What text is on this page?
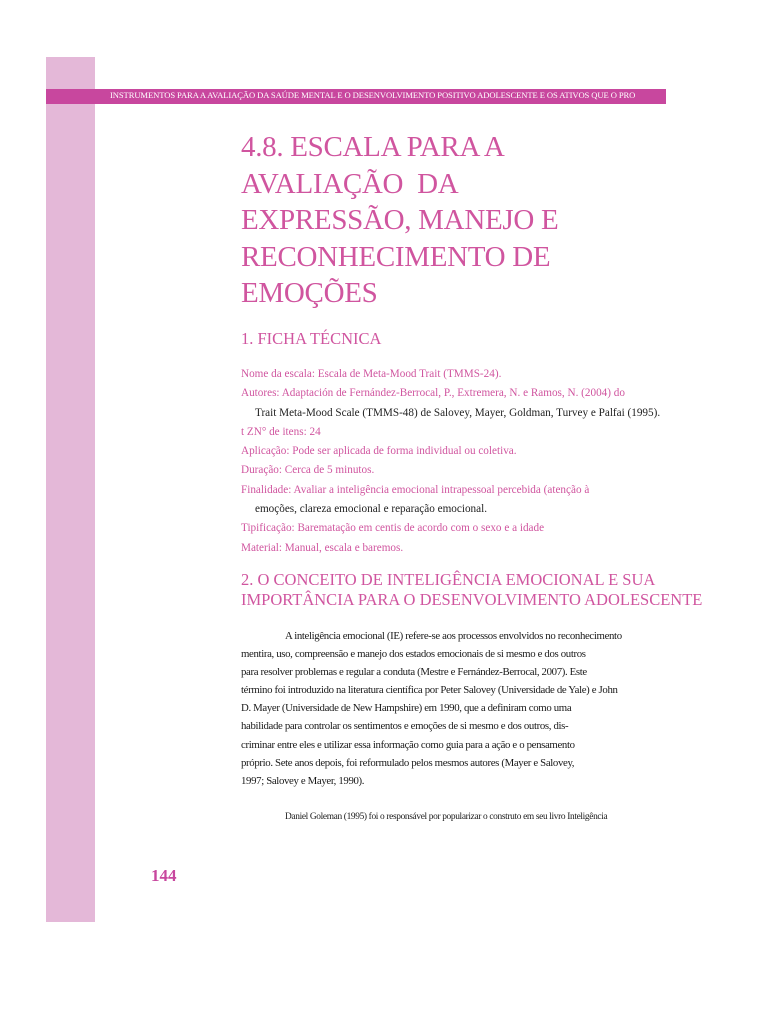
INSTRUMENTOS PARA A AVALIAÇÃO DA SAÚDE MENTAL E O DESENVOLVIMENTO POSITIVO ADOLESCENTE E OS ATIVOS QUE O PRO
4.8. ESCALA PARA A
AVALIAÇÃO  DA
EXPRESSÃO, MANEJO E
RECONHECIMENTO DE
EMOÇÕES
1. FICHA TÉCNICA
Nome da escala: Escala de Meta-Mood Trait (TMMS-24).
Autores: Adaptación de Fernández-Berrocal, P., Extremera, N. e Ramos, N. (2004) do
Trait Meta-Mood Scale (TMMS-48) de Salovey, Mayer, Goldman, Turvey e Palfai (1995).
t ZN° de itens: 24
Aplicação: Pode ser aplicada de forma individual ou coletiva.
Duração: Cerca de 5 minutos.
Finalidade: Avaliar a inteligência emocional intrapessoal percebida (atenção à
emoções, clareza emocional e reparação emocional.
Tipificação: Barematação em centis de acordo com o sexo e a idade
Material: Manual, escala e baremos.
2. O CONCEITO DE INTELIGÊNCIA EMOCIONAL E SUA
IMPORTÂNCIA PARA O DESENVOLVIMENTO ADOLESCENTE
A inteligência emocional (IE) refere-se aos processos envolvidos no reconhecimento
mentira, uso, compreensão e manejo dos estados emocionais de si mesmo e dos outros
para resolver problemas e regular a conduta (Mestre e Fernández-Berrocal, 2007). Este
término foi introduzido na literatura científica por Peter Salovey (Universidade de Yale) e John
D. Mayer (Universidade de New Hampshire) em 1990, que a definiram como uma
habilidade para controlar os sentimentos e emoções de si mesmo e dos outros, dis-
criminar entre eles e utilizar essa informação como guia para a ação e o pensamento
próprio. Sete anos depois, foi reformulado pelos mesmos autores (Mayer e Salovey,
1997; Salovey e Mayer, 1990).
Daniel Goleman (1995) foi o responsável por popularizar o construto em seu livro Inteligência
144
